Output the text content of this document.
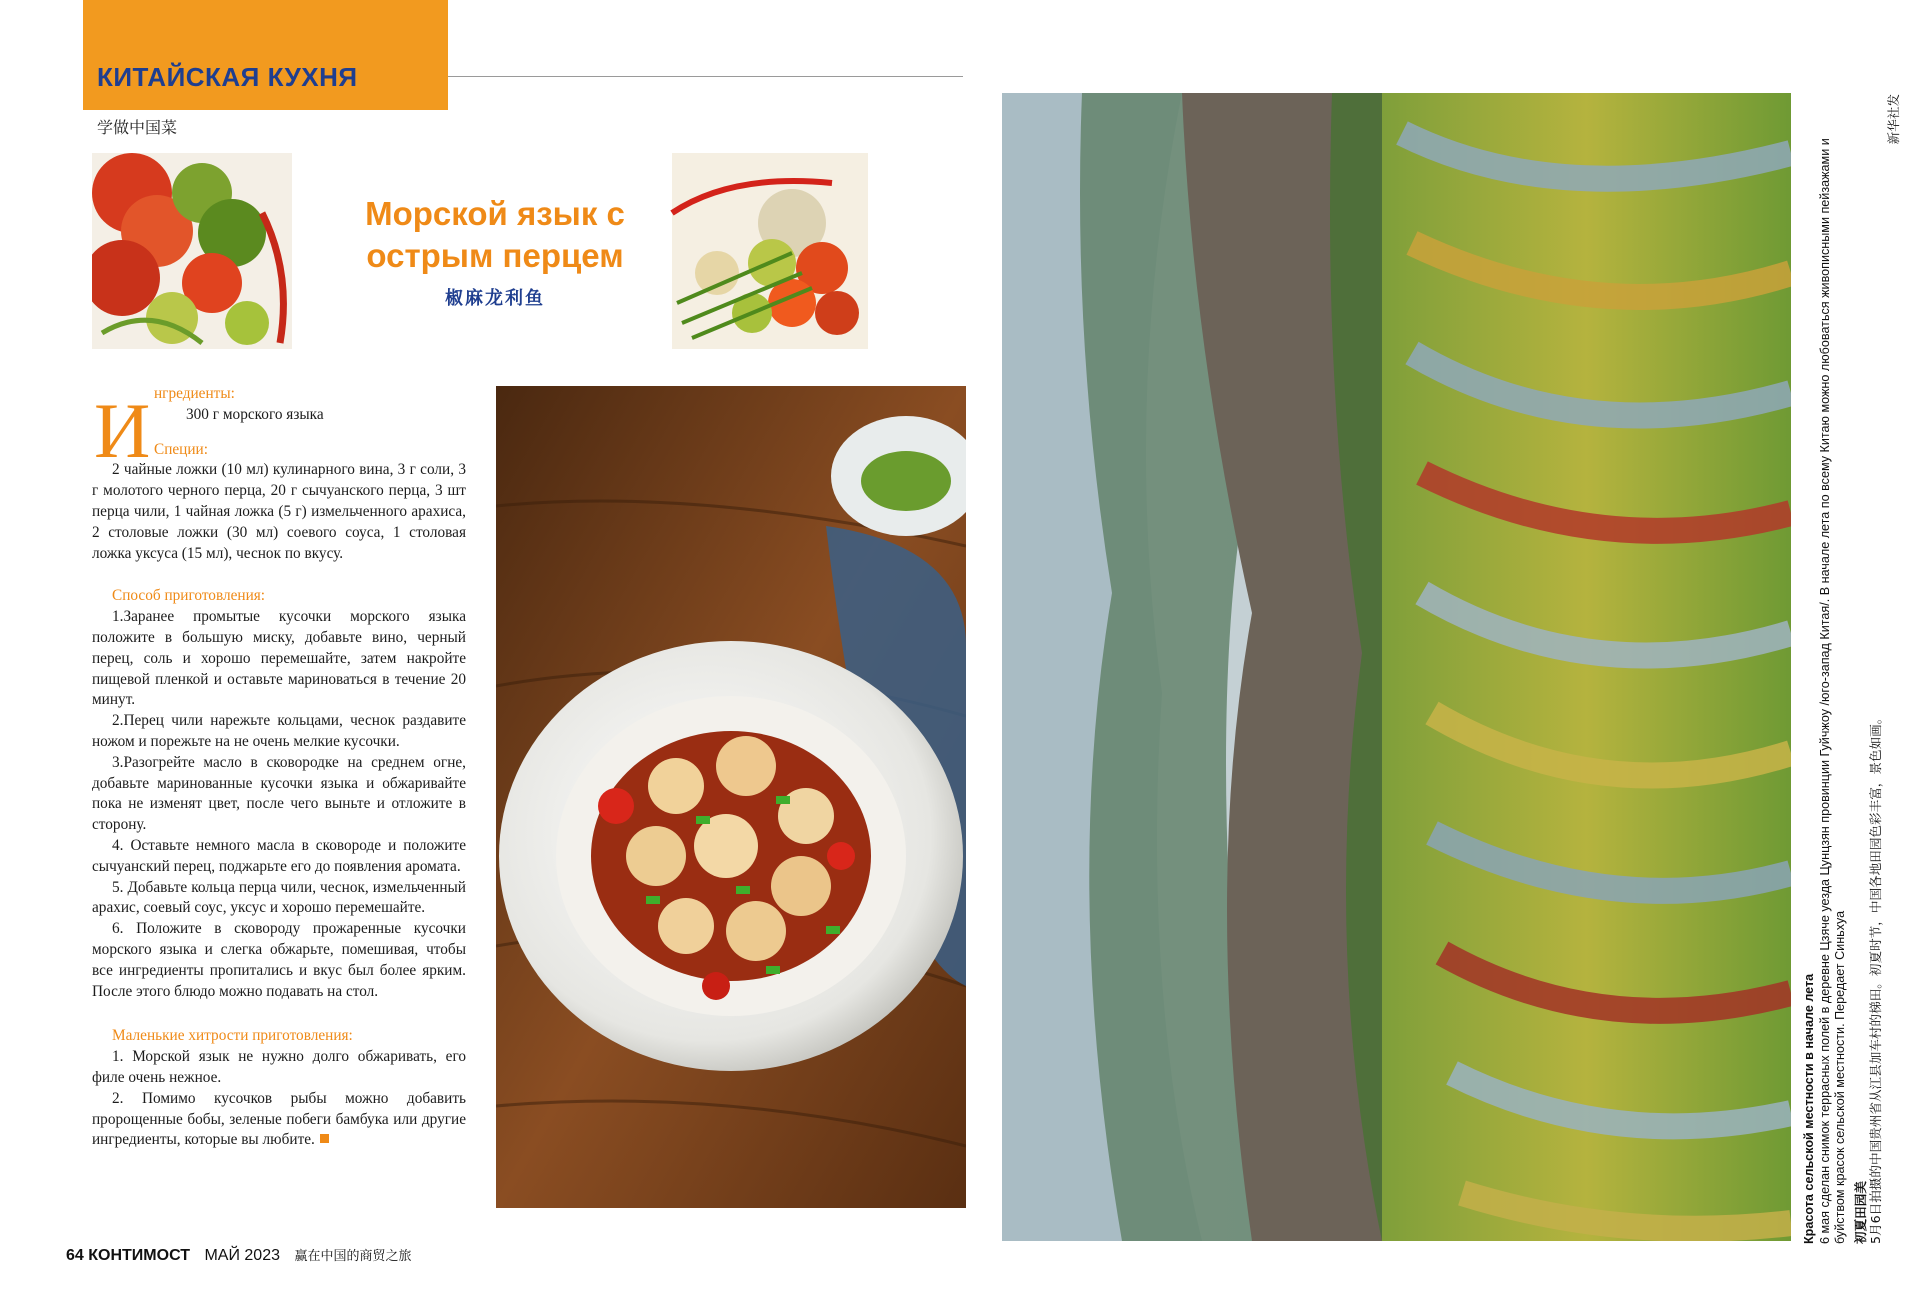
КИТАЙСКАЯ КУХНЯ
学做中国菜
Морской язык с
острым перцем
椒麻龙利鱼
И нгредиенты:

300 г морского языка

Специи:

2 чайные ложки (10 мл) кулинарного вина, 3 г соли, 3 г молотого черного перца, 20 г сычуанского перца, 3 шт перца чили, 1 чайная ложка (5 г) измельченного арахиса, 2 столовые ложки (30 мл) соевого соуса, 1 столовая ложка уксуса (15 мл), чеснок по вкусу.

Способ приготовления:

1.Заранее промытые кусочки морского языка положите в большую миску, добавьте вино, черный перец, соль и хорошо перемешайте, затем накройте пищевой пленкой и оставьте мариноваться в течение 20 минут.

2.Перец чили нарежьте кольцами, чеснок раздавите ножом и порежьте на не очень мелкие кусочки.

3.Разогрейте масло в сковородке на среднем огне, добавьте маринованные кусочки языка и обжаривайте пока не изменят цвет, после чего выньте и отложите в сторону.

4. Оставьте немного масла в сковороде и положите сычуанский перец, поджарьте его до появления аромата.

5. Добавьте кольца перца чили, чеснок, измельченный арахис, соевый соус, уксус и хорошо перемешайте.

6. Положите в сковороду прожаренные кусочки морского языка и слегка обжарьте, помешивая, чтобы все ингредиенты пропитались и вкус был более ярким. После этого блюдо можно подавать на стол.

Маленькие хитрости приготовления:

1. Морской язык не нужно долго обжаривать, его филе очень нежное.

2. Помимо кусочков рыбы можно добавить пророщенные бобы, зеленые побеги бамбука или другие ингредиенты, которые вы любите.

64 КОНТИМОСТ МАЙ 2023 赢在中国的商贸之旅
Красота сельской местности в начале лета 6 мая сделан снимок террасных полей в деревне Цзяче уезда Цунцзян провинции Гуйчжоу /юго-запад Китая/. В начале лета по всему Китаю можно любоваться живописными пейзажами и буйством красок сельской местности. Передает Синьхуа 初夏田园美 5月6日拍摄的中国贵州省从江县加车村的梯田。初夏时节，中国各地田园色彩丰富，景色如画。
新华社发
